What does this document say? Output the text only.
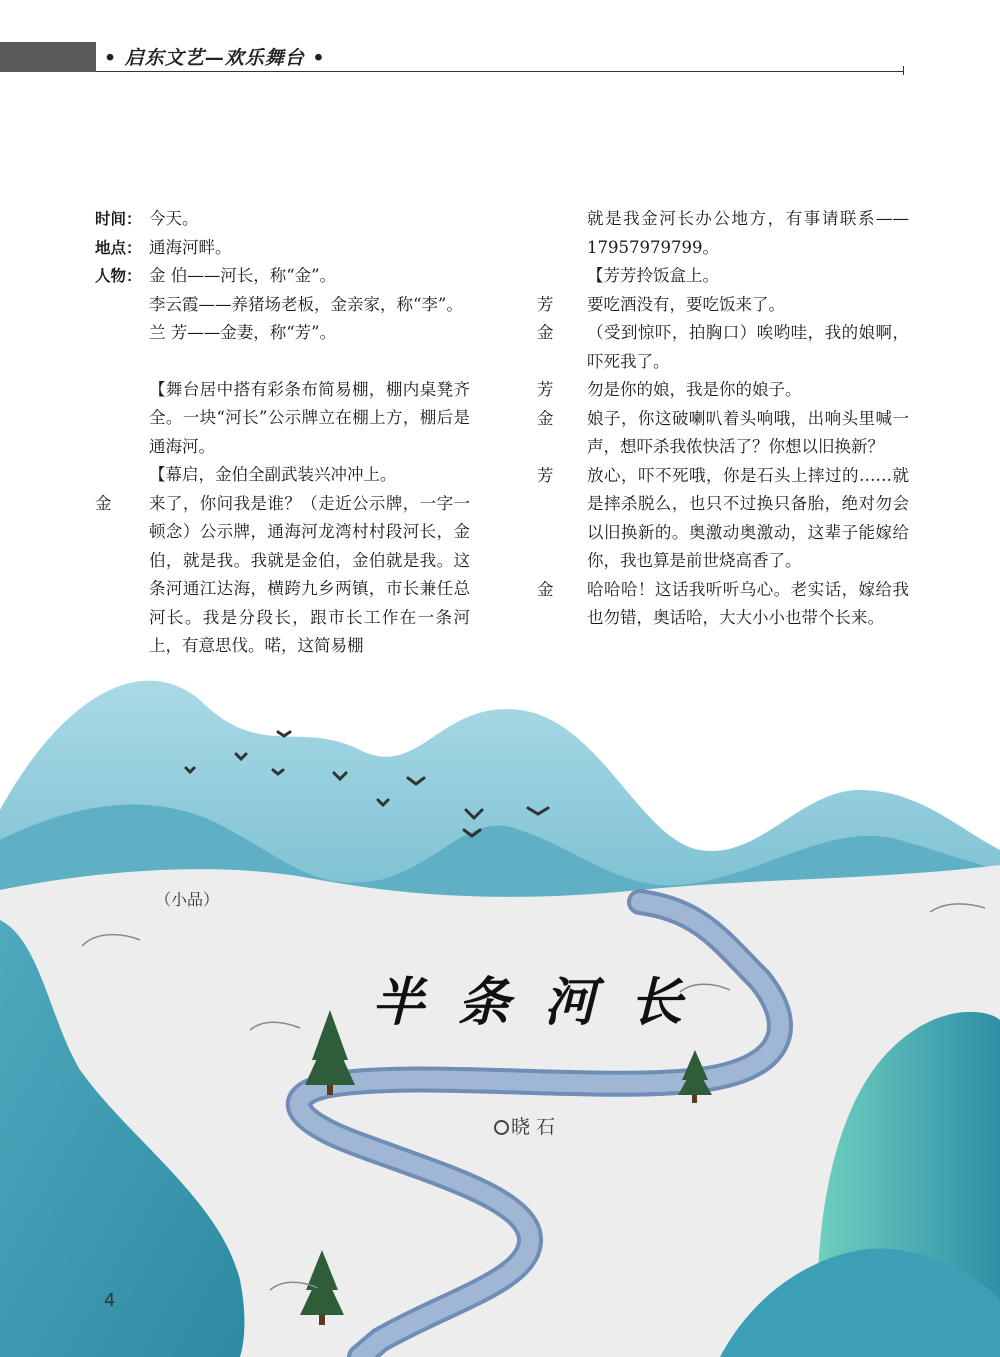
• 启东文艺—欢乐舞台 •
时间： 今天。
地点： 通海河畔。
人物： 金 伯——河长，称“金”。
李云霞——养猪场老板，金亲家，称“李”。
兰 芳——金妻，称“芳”。
【舞台居中搭有彩条布简易棚，棚内桌凳齐全。一块“河长”公示牌立在棚上方，棚后是通海河。
【幕启，金伯全副武装兴冲冲上。
金	来了，你问我是谁？（走近公示牌，一字一顿念）公示牌，通海河龙湾村村段河长，金伯，就是我。我就是金伯，金伯就是我。这条河通江达海，横跨九乡两镇，市长兼任总河长。我是分段长，跟市长工作在一条河上，有意思伐。喏，这简易棚
就是我金河长办公地方，有事请联系——17957979799。
【芳芳拎饭盒上。
芳	要吃酒没有，要吃饭来了。
金	（受到惊吓，拍胸口）唉哟哇，我的娘啊，吓死我了。
芳	勿是你的娘，我是你的娘子。
金	娘子，你这破喇叭着头响哦，出响头里喊一声，想吓杀我侬快活了？你想以旧换新？
芳	放心，吓不死哦，你是石头上摔过的……就是摔杀脱么，也只不过换只备胎，绝对勿会以旧换新的。奥激动奥激动，这辈子能嫁给你，我也算是前世烧高香了。
金	哈哈哈！这话我听听乌心。老实话，嫁给我也勿错，奥话哈，大大小小也带个长来。
（小品）
半条河长
晓 石
4
